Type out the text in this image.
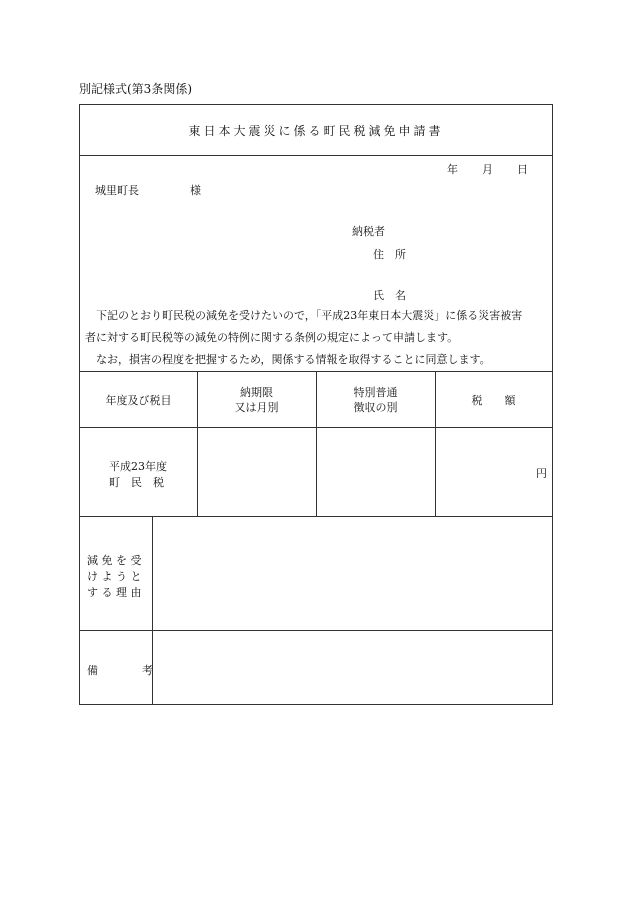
別記様式(第3条関係)
東日本大震災に係る町民税減免申請書
年 月 日
城里町長	様
納税者
住　所
氏　名
下記のとおり町民税の減免を受けたいので，「平成23年東日本大震災」に係る災害被害
者に対する町民税等の減免の特例に関する条例の規定によって申請します。
なお，損害の程度を把握するため，関係する情報を取得することに同意します。
年度及び税目
納期限
又は月別
特別普通
徴収の別
税　　額
平成23年度
町　民　税
円
減 免 を 受
け よ う と
す る 理 由
備　　　　考
